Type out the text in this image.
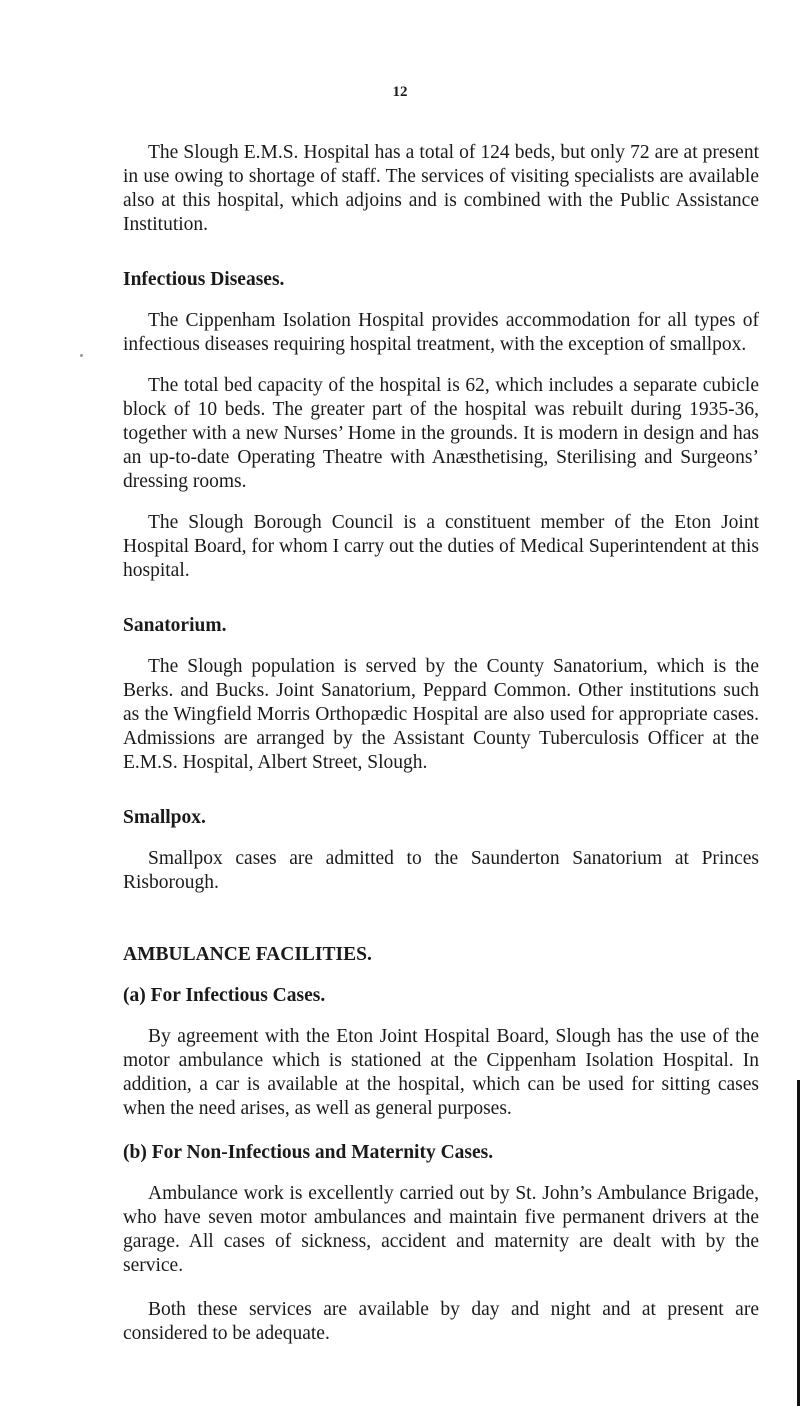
12

The Slough E.M.S. Hospital has a total of 124 beds, but only 72 are at present in use owing to shortage of staff. The services of visiting specialists are available also at this hospital, which adjoins and is combined with the Public Assistance Institution.

Infectious Diseases.

The Cippenham Isolation Hospital provides accommodation for all types of infectious diseases requiring hospital treatment, with the exception of smallpox.

The total bed capacity of the hospital is 62, which includes a separate cubicle block of 10 beds. The greater part of the hospital was rebuilt during 1935-36, together with a new Nurses’ Home in the grounds. It is modern in design and has an up-to-date Operating Theatre with Anæsthetising, Sterilising and Surgeons’ dressing rooms.

The Slough Borough Council is a constituent member of the Eton Joint Hospital Board, for whom I carry out the duties of Medical Superintendent at this hospital.

Sanatorium.

The Slough population is served by the County Sanatorium, which is the Berks. and Bucks. Joint Sanatorium, Peppard Common. Other institutions such as the Wingfield Morris Orthopædic Hospital are also used for appropriate cases. Admissions are arranged by the Assistant County Tuberculosis Officer at the E.M.S. Hospital, Albert Street, Slough.

Smallpox.

Smallpox cases are admitted to the Saunderton Sanatorium at Princes Risborough.

AMBULANCE FACILITIES.
(a) For Infectious Cases.

By agreement with the Eton Joint Hospital Board, Slough has the use of the motor ambulance which is stationed at the Cippenham Isolation Hospital. In addition, a car is available at the hospital, which can be used for sitting cases when the need arises, as well as general purposes.

(b) For Non-Infectious and Maternity Cases.

Ambulance work is excellently carried out by St. John’s Ambulance Brigade, who have seven motor ambulances and maintain five permanent drivers at the garage. All cases of sickness, accident and maternity are dealt with by the service.

Both these services are available by day and night and at present are considered to be adequate.
